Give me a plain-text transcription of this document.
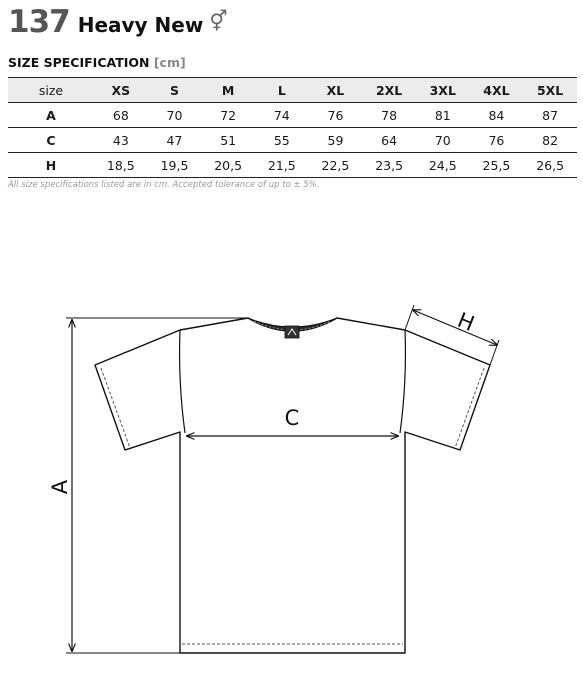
137 Heavy New ⚥
SIZE SPECIFICATION [cm]
size	XS	S	M	L	XL	2XL	3XL	4XL	5XL
A	68	70	72	74	76	78	81	84	87
C	43	47	51	55	59	64	70	76	82
H	18,5	19,5	20,5	21,5	22,5	23,5	24,5	25,5	26,5
All size specifications listed are in cm. Accepted tolerance of up to ± 5%.
A
C
H
